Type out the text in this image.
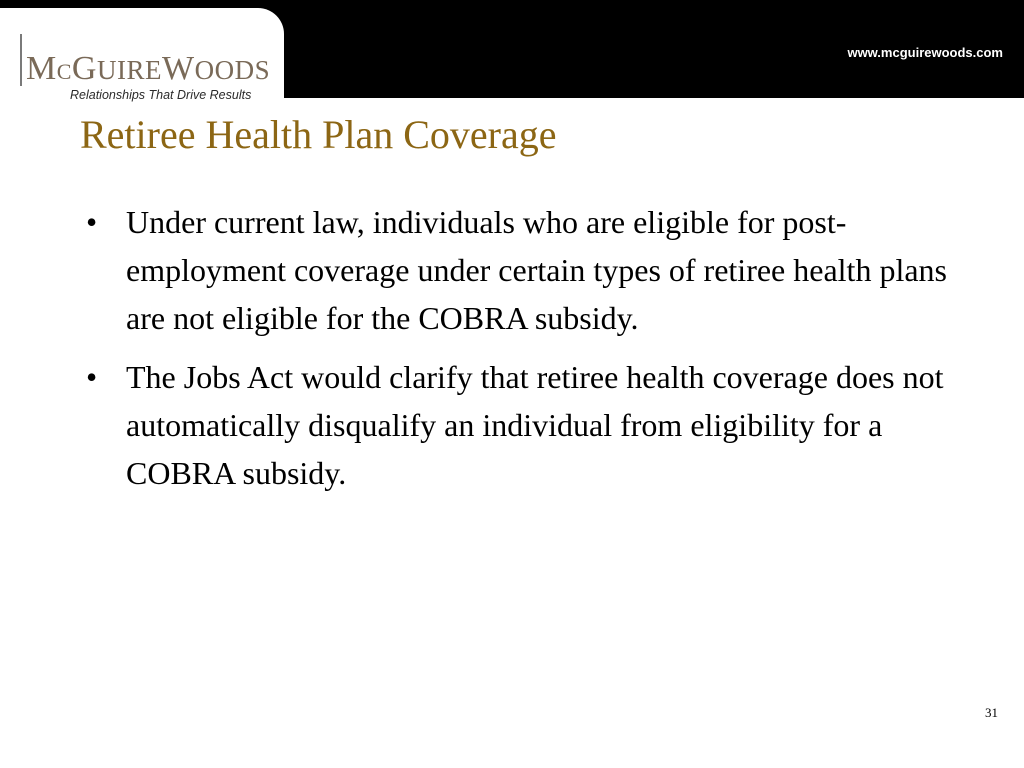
MCGUIREWOODS
Relationships That Drive Results
www.mcguirewoods.com
Retiree Health Plan Coverage
• Under current law, individuals who are eligible for post-employment coverage under certain types of retiree health plans are not eligible for the COBRA subsidy.
• The Jobs Act would clarify that retiree health coverage does not automatically disqualify an individual from eligibility for a COBRA subsidy.
31
